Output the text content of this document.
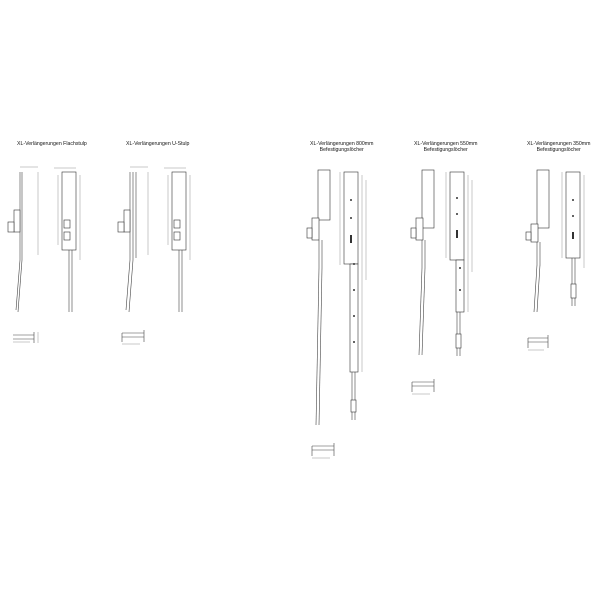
XL-Verlängerungen Flachstulp	XL-Verlängerungen U-Stulp	XL-Verlängerungen 800mm
Befestigungslöcher
XL-Verlängerungen 550mm
Befestigungslöcher
XL-Verlängerungen 350mm
Befestigungslöcher
